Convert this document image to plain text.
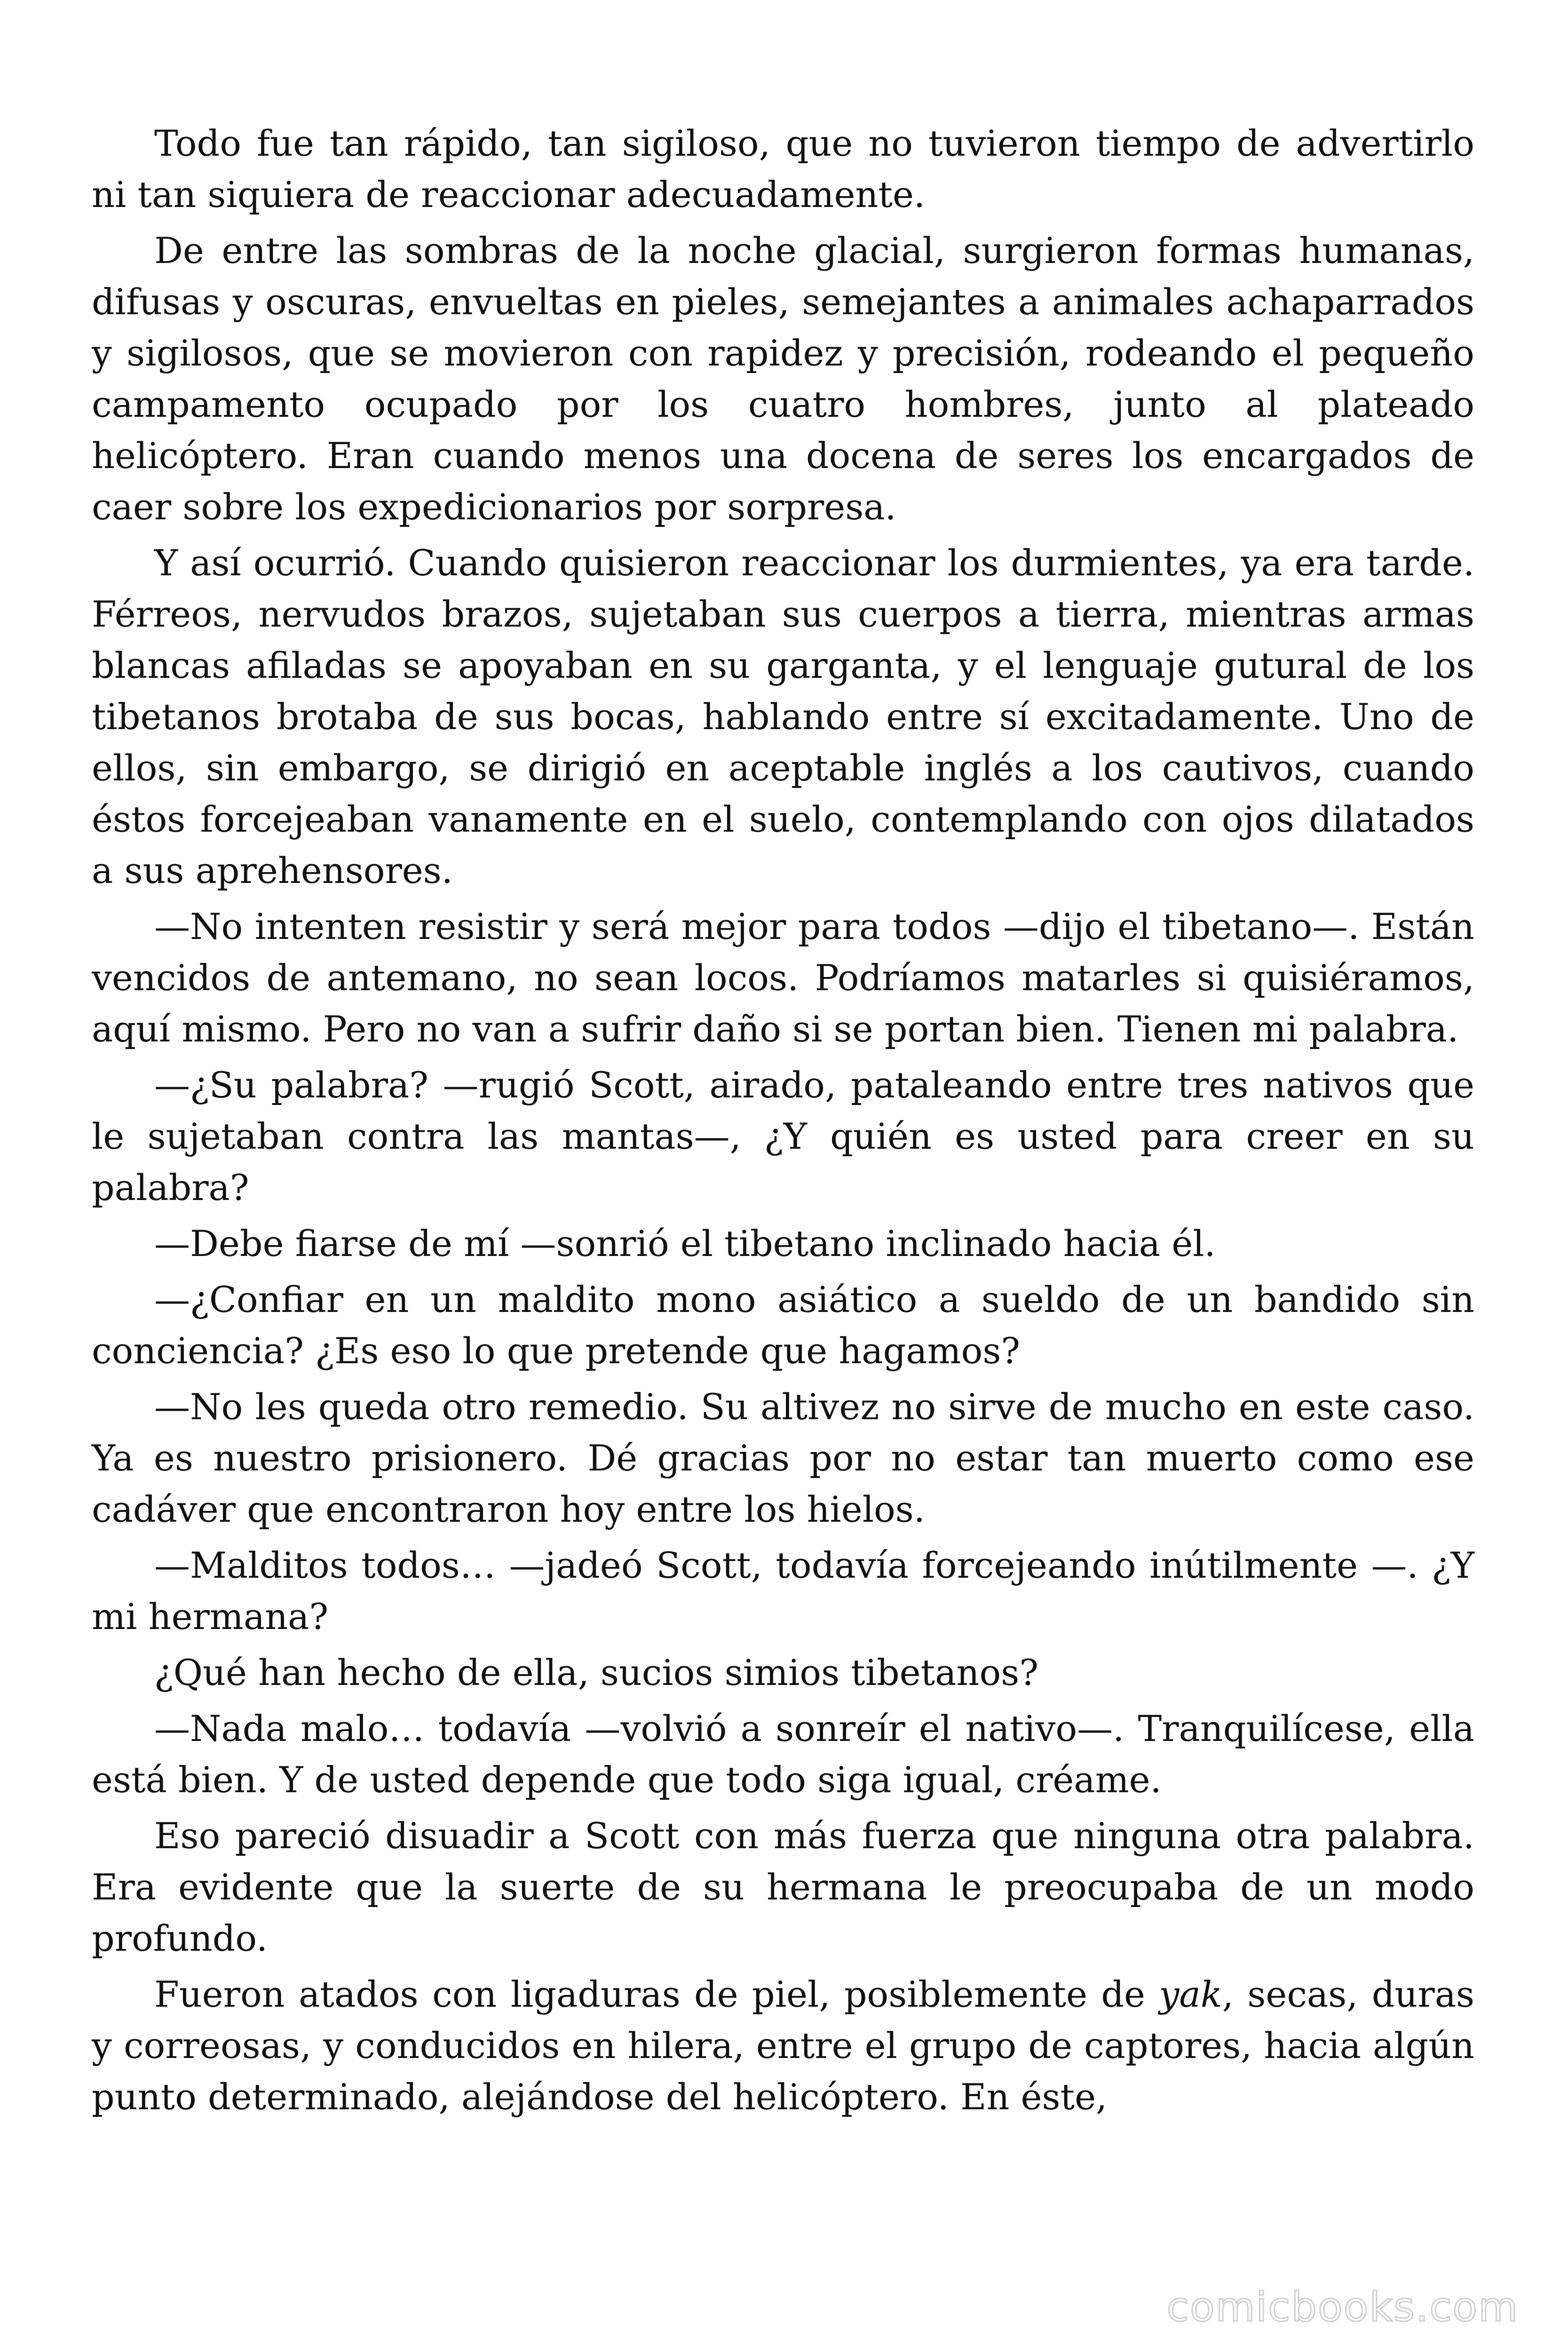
Todo fue tan rápido, tan sigiloso, que no tuvieron tiempo de advertirlo ni tan siquiera de reaccionar adecuadamente.

De entre las sombras de la noche glacial, surgieron formas humanas, difusas y oscuras, envueltas en pieles, semejantes a animales achaparrados y sigilosos, que se movieron con rapidez y precisión, rodeando el pequeño campamento ocupado por los cuatro hombres, junto al plateado helicóptero. Eran cuando menos una docena de seres los encargados de caer sobre los expedicionarios por sorpresa.

Y así ocurrió. Cuando quisieron reaccionar los durmientes, ya era tarde. Férreos, nervudos brazos, sujetaban sus cuerpos a tierra, mientras armas blancas afiladas se apoyaban en su garganta, y el lenguaje gutural de los tibetanos brotaba de sus bocas, hablando entre sí excitadamente. Uno de ellos, sin embargo, se dirigió en aceptable inglés a los cautivos, cuando éstos forcejeaban vanamente en el suelo, contemplando con ojos dilatados a sus aprehensores.

—No intenten resistir y será mejor para todos —dijo el tibetano—. Están vencidos de antemano, no sean locos. Podríamos matarles si quisiéramos, aquí mismo. Pero no van a sufrir daño si se portan bien. Tienen mi palabra.

—¿Su palabra? —rugió Scott, airado, pataleando entre tres nativos que le sujetaban contra las mantas—, ¿Y quién es usted para creer en su palabra?

—Debe fiarse de mí —sonrió el tibetano inclinado hacia él.

—¿Confiar en un maldito mono asiático a sueldo de un bandido sin conciencia? ¿Es eso lo que pretende que hagamos?

—No les queda otro remedio. Su altivez no sirve de mucho en este caso. Ya es nuestro prisionero. Dé gracias por no estar tan muerto como ese cadáver que encontraron hoy entre los hielos.

—Malditos todos… —jadeó Scott, todavía forcejeando inútilmente —. ¿Y mi hermana?

¿Qué han hecho de ella, sucios simios tibetanos?

—Nada malo… todavía —volvió a sonreír el nativo—. Tranquilícese, ella está bien. Y de usted depende que todo siga igual, créame.

Eso pareció disuadir a Scott con más fuerza que ninguna otra palabra. Era evidente que la suerte de su hermana le preocupaba de un modo profundo.

Fueron atados con ligaduras de piel, posiblemente de yak, secas, duras y correosas, y conducidos en hilera, entre el grupo de captores, hacia algún punto determinado, alejándose del helicóptero. En éste,

comicbooks.com
